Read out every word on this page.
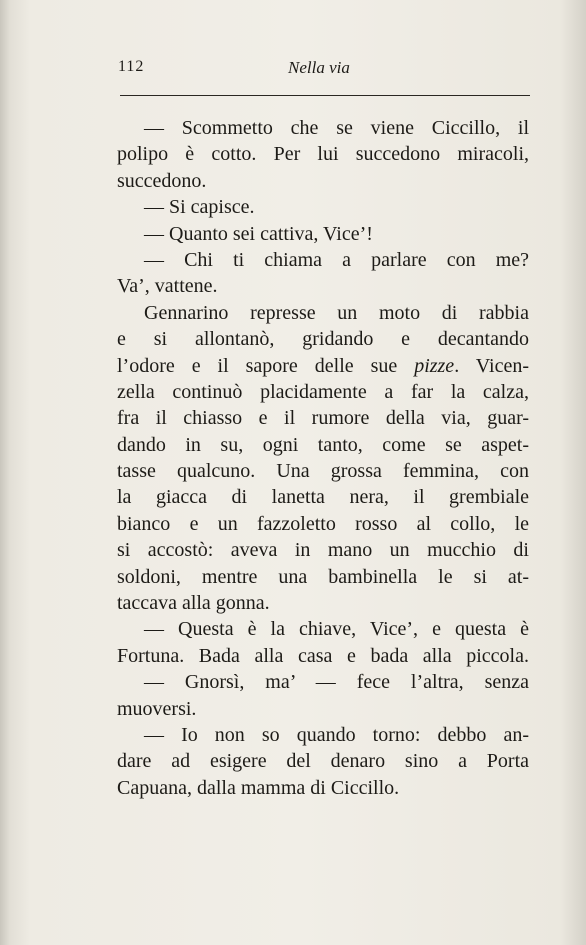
112	Nella via
— Scommetto che se viene Ciccillo, il
polipo è cotto. Per lui succedono miracoli,
succedono.
— Si capisce.
— Quanto sei cattiva, Vice’!
— Chi ti chiama a parlare con me?
Va’, vattene.
Gennarino represse un moto di rabbia
e si allontanò, gridando e decantando
l’odore e il sapore delle sue pizze. Vicen-
zella continuò placidamente a far la calza,
fra il chiasso e il rumore della via, guar-
dando in su, ogni tanto, come se aspet-
tasse qualcuno. Una grossa femmina, con
la giacca di lanetta nera, il grembiale
bianco e un fazzoletto rosso al collo, le
si accostò: aveva in mano un mucchio di
soldoni, mentre una bambinella le si at-
taccava alla gonna.
— Questa è la chiave, Vice’, e questa è
Fortuna. Bada alla casa e bada alla piccola.
— Gnorsì, ma’ — fece l’altra, senza
muoversi.
— Io non so quando torno: debbo an-
dare ad esigere del denaro sino a Porta
Capuana, dalla mamma di Ciccillo.
